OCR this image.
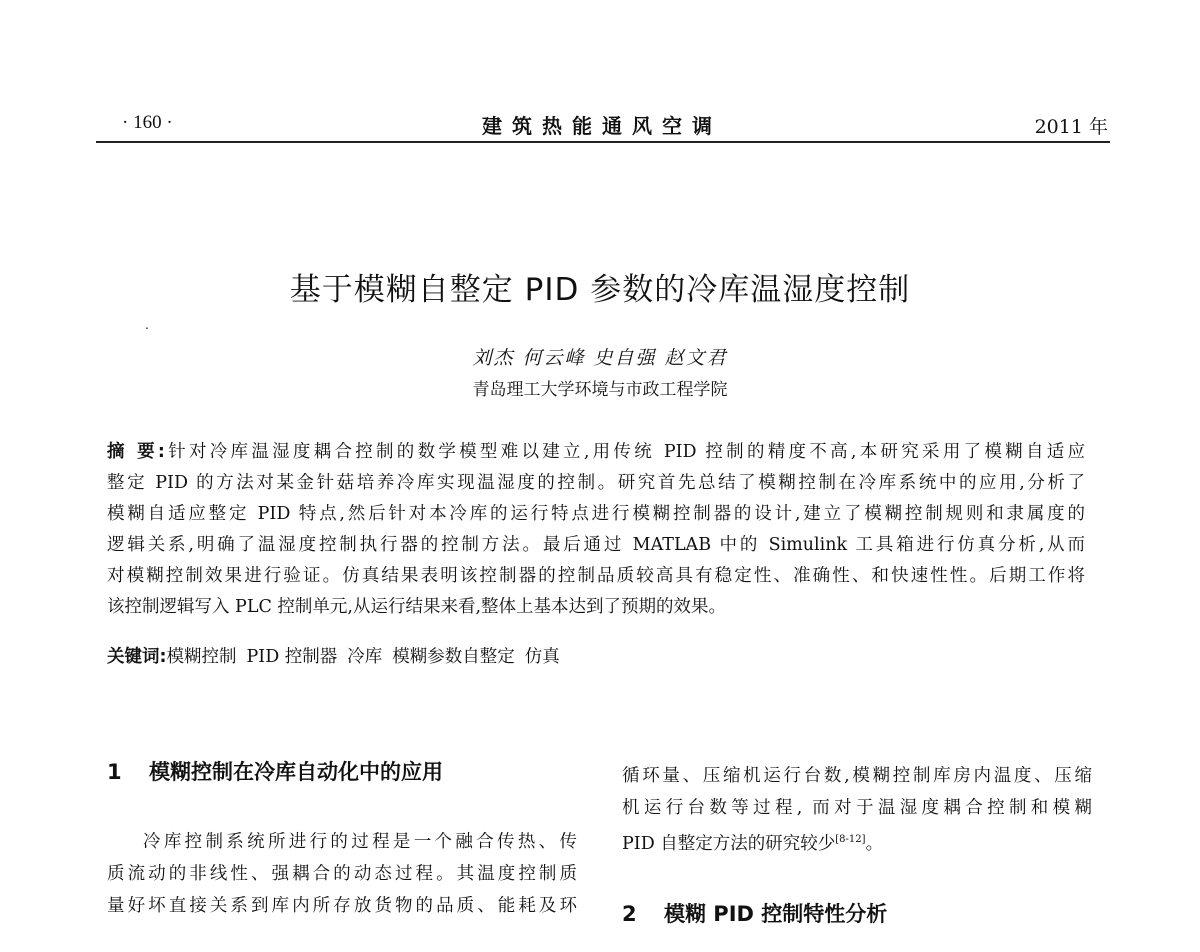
· 160 ·	建筑热能通风空调	2011 年
基于模糊自整定 PID 参数的冷库温湿度控制
.
刘杰 何云峰 史自强 赵文君
青岛理工大学环境与市政工程学院
摘 要:针对冷库温湿度耦合控制的数学模型难以建立,用传统 PID 控制的精度不高,本研究采用了模糊自适应
整定 PID 的方法对某金针菇培养冷库实现温湿度的控制。研究首先总结了模糊控制在冷库系统中的应用,分析了
模糊自适应整定 PID 特点,然后针对本冷库的运行特点进行模糊控制器的设计,建立了模糊控制规则和隶属度的
逻辑关系,明确了温湿度控制执行器的控制方法。最后通过 MATLAB 中的 Simulink 工具箱进行仿真分析,从而
对模糊控制效果进行验证。仿真结果表明该控制器的控制品质较高具有稳定性、准确性、和快速性性。后期工作将
该控制逻辑写入 PLC 控制单元,从运行结果来看,整体上基本达到了预期的效果。
关键词:模糊控制 PID 控制器 冷库 模糊参数自整定 仿真
1 模糊控制在冷库自动化中的应用
冷库控制系统所进行的过程是一个融合传热、传
质流动的非线性、强耦合的动态过程。其温度控制质
量好坏直接关系到库内所存放货物的品质、能耗及环
循环量、压缩机运行台数,模糊控制库房内温度、压缩
机运行台数等过程, 而对于温湿度耦合控制和模糊
PID 自整定方法的研究较少[8-12]。
2 模糊 PID 控制特性分析
